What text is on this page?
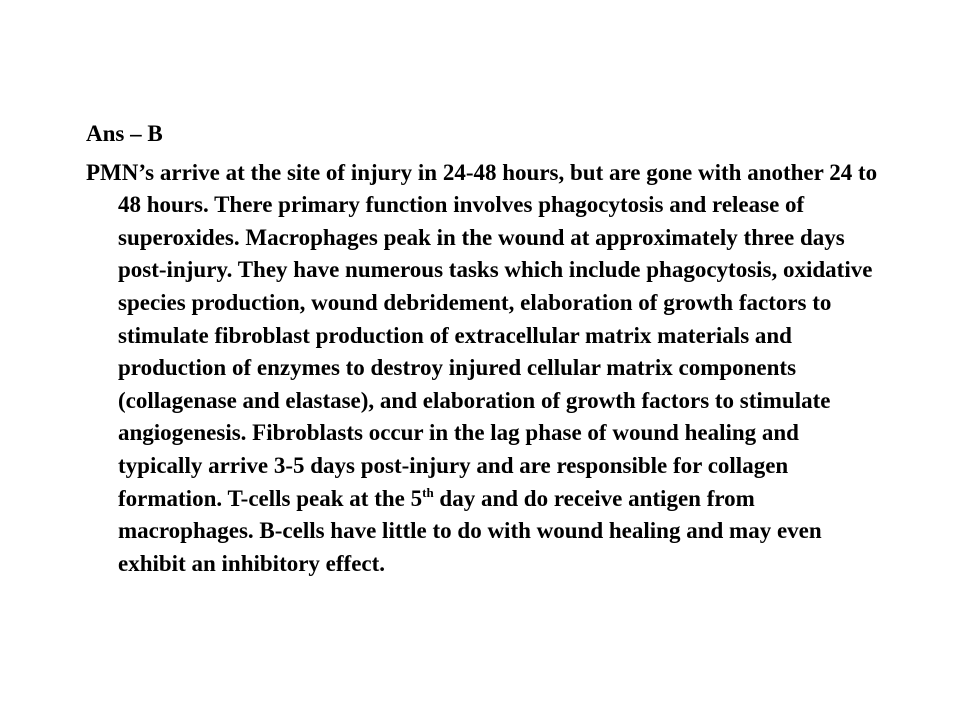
Ans – B

PMN’s arrive at the site of injury in 24-48 hours, but are gone with another 24 to 48 hours. There primary function involves phagocytosis and release of superoxides. Macrophages peak in the wound at approximately three days post-injury. They have numerous tasks which include phagocytosis, oxidative species production, wound debridement, elaboration of growth factors to stimulate fibroblast production of extracellular matrix materials and production of enzymes to destroy injured cellular matrix components (collagenase and elastase), and elaboration of growth factors to stimulate angiogenesis. Fibroblasts occur in the lag phase of wound healing and typically arrive 3-5 days post-injury and are responsible for collagen formation. T-cells peak at the 5th day and do receive antigen from macrophages. B-cells have little to do with wound healing and may even exhibit an inhibitory effect.
